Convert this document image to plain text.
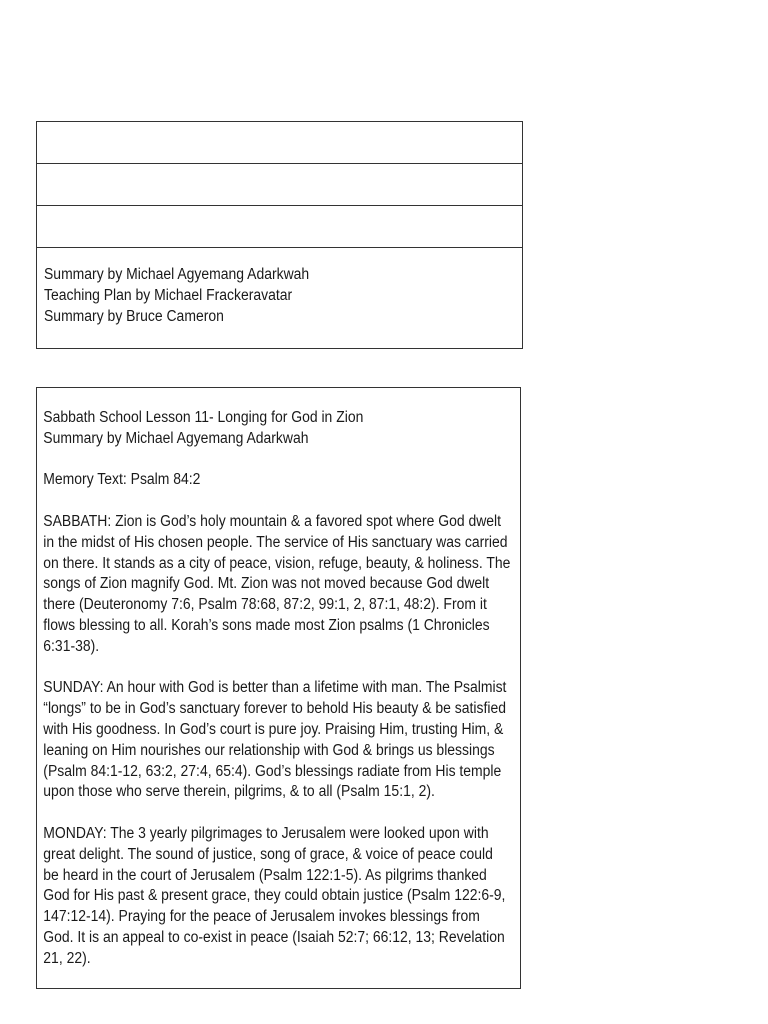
Summary by Michael Agyemang Adarkwah
Teaching Plan by Michael Frackeravatar
Summary by Bruce Cameron
Sabbath School Lesson 11- Longing for God in Zion
Summary by Michael Agyemang Adarkwah
Memory Text: Psalm 84:2

SABBATH: Zion is God’s holy mountain & a favored spot where God dwelt in the midst of His chosen people. The service of His sanctuary was carried on there. It stands as a city of peace, vision, refuge, beauty, & holiness. The songs of Zion magnify God. Mt. Zion was not moved because God dwelt there (Deuteronomy 7:6, Psalm 78:68, 87:2, 99:1, 2, 87:1, 48:2). From it flows blessing to all. Korah’s sons made most Zion psalms (1 Chronicles 6:31-38).

SUNDAY: An hour with God is better than a lifetime with man. The Psalmist “longs” to be in God’s sanctuary forever to behold His beauty & be satisfied with His goodness. In God’s court is pure joy. Praising Him, trusting Him, & leaning on Him nourishes our relationship with God & brings us blessings (Psalm 84:1-12, 63:2, 27:4, 65:4). God’s blessings radiate from His temple upon those who serve therein, pilgrims, & to all (Psalm 15:1, 2).

MONDAY: The 3 yearly pilgrimages to Jerusalem were looked upon with great delight. The sound of justice, song of grace, & voice of peace could be heard in the court of Jerusalem (Psalm 122:1-5). As pilgrims thanked God for His past & present grace, they could obtain justice (Psalm 122:6-9, 147:12-14). Praying for the peace of Jerusalem invokes blessings from God. It is an appeal to co-exist in peace (Isaiah 52:7; 66:12, 13; Revelation 21, 22).
